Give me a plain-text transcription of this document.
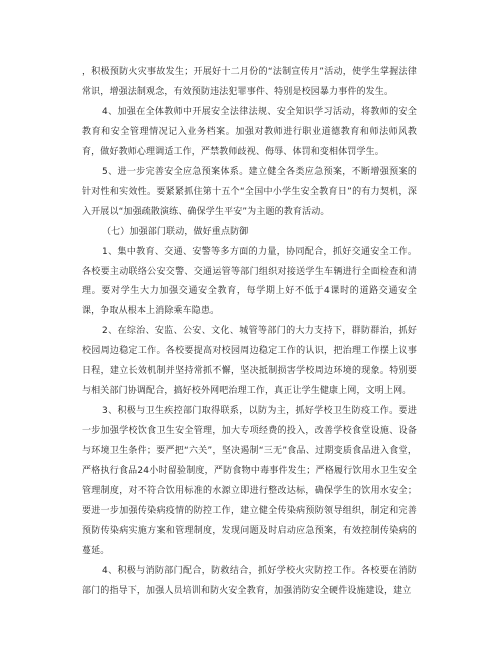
，积极预防火灾事故发生；开展好十二月份的“法制宣传月”活动，使学生掌握法律常识，增强法制观念，有效预防违法犯罪事件、特别是校园暴力事件的发生。

4、加强在全体教师中开展安全法律法规、安全知识学习活动，将教师的安全教育和安全管理情况记入业务档案。加强对教师进行职业道德教育和师法师风教育，做好教师心理调适工作，严禁教师歧视、侮辱、体罚和变相体罚学生。

5、进一步完善安全应急预案体系。建立健全各类应急预案，不断增强预案的针对性和实效性。要紧紧抓住第十五个“全国中小学生安全教育日”的有力契机，深入开展以“加强疏散演练、确保学生平安”为主题的教育活动。

（七）加强部门联动，做好重点防御

1、集中教育、交通、安警等多方面的力量，协同配合，抓好交通安全工作。各校要主动联络公安交警、交通运管等部门组织对接送学生车辆进行全面检查和清理。要对学生大力加强交通安全教育，每学期上好不低于4课时的道路交通安全课，争取从根本上消除乘车隐患。

2、在综治、安监、公安、文化、城管等部门的大力支持下，群防群治，抓好校园周边稳定工作。各校要提高对校园周边稳定工作的认识，把治理工作摆上议事日程，建立长效机制并坚持常抓不懈，坚决抵制损害学校周边环境的现象。特别要与相关部门协调配合，搞好校外网吧治理工作，真正让学生健康上网，文明上网。

3、积极与卫生疾控部门取得联系，以防为主，抓好学校卫生防疫工作。要进一步加强学校饮食卫生安全管理，加大专项经费的投入，改善学校食堂设施、设备与环境卫生条件；要严把“六关”，坚决遏制“三无”食品、过期变质食品进入食堂，严格执行食品24小时留验制度，严防食物中毒事件发生；严格履行饮用水卫生安全管理制度，对不符合饮用标准的水源立即进行整改达标，确保学生的饮用水安全；要进一步加强传染病疫情的防控工作，建立健全传染病预防领导组织，制定和完善预防传染病实施方案和管理制度，发现问题及时启动应急预案，有效控制传染病的蔓延。

4、积极与消防部门配合，防救结合，抓好学校火灾防控工作。各校要在消防部门的指导下，加强人员培训和防火安全教育，加强消防安全硬件设施建设，建立
